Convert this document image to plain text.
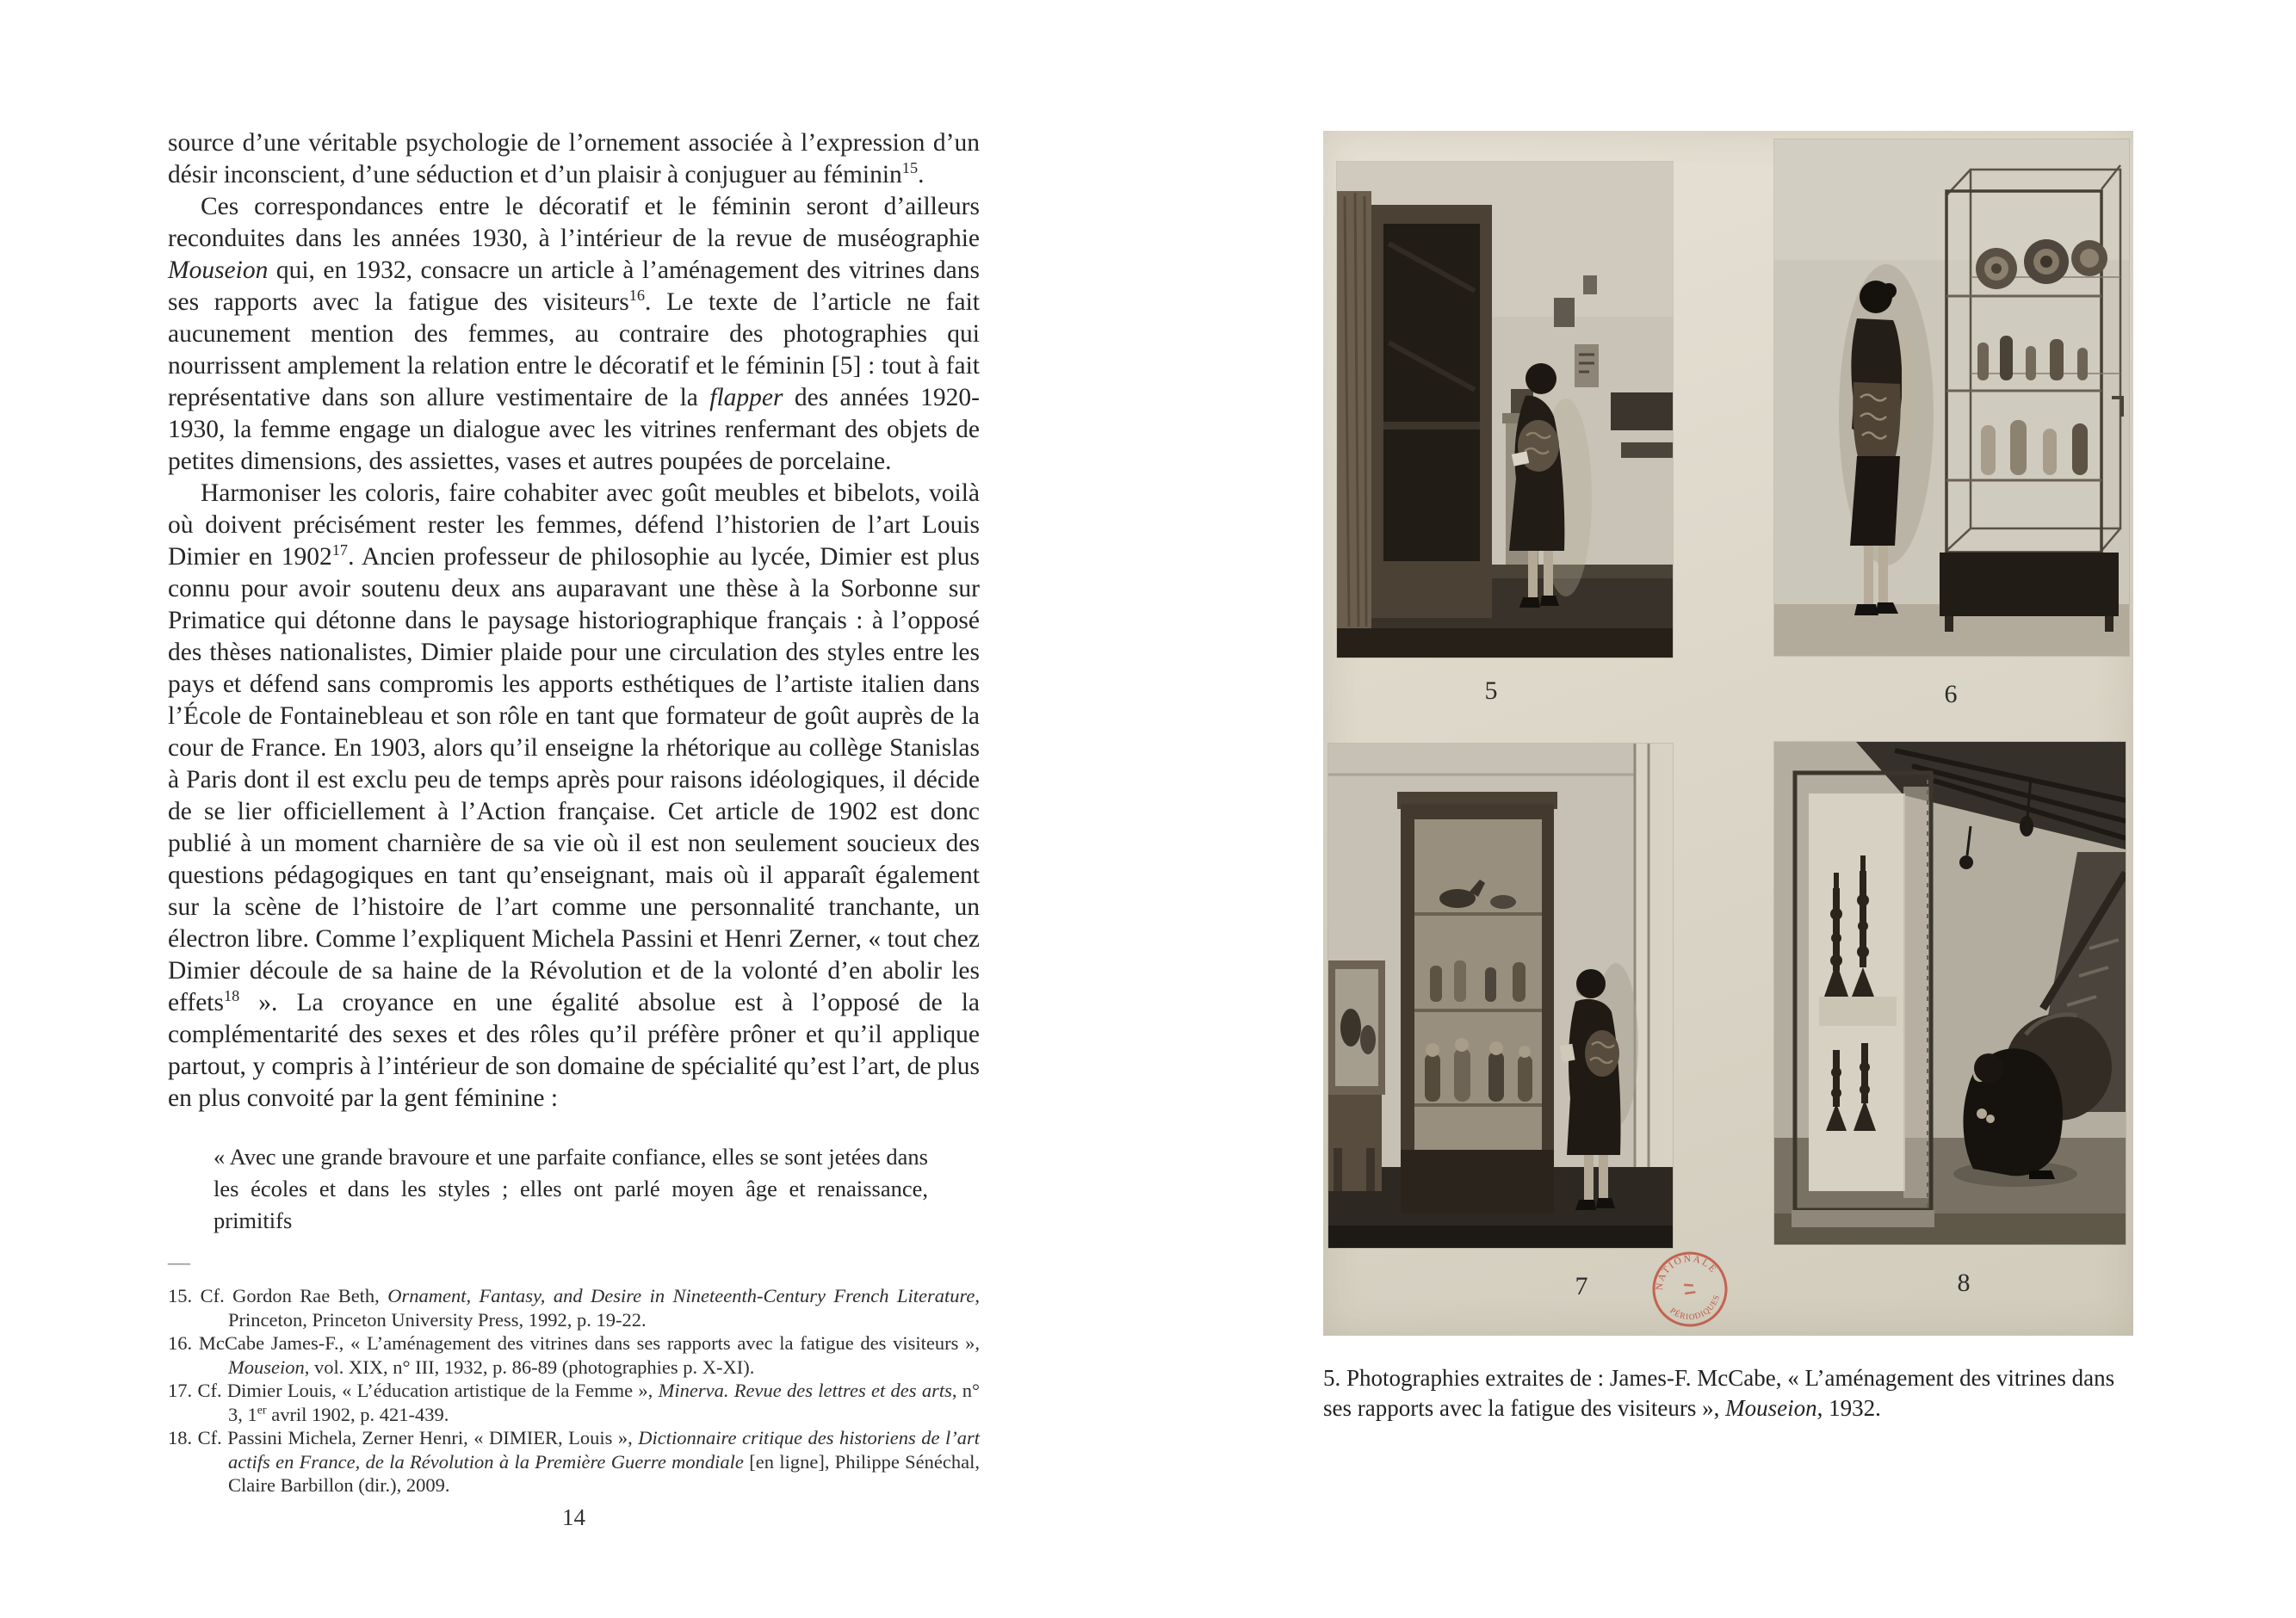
source d’une véritable psychologie de l’ornement associée à l’expression d’un désir inconscient, d’une séduction et d’un plaisir à conjuguer au féminin$^{15}$.

Ces correspondances entre le décoratif et le féminin seront d’ailleurs reconduites dans les années 1930, à l’intérieur de la revue de muséographie Mouseion qui, en 1932, consacre un article à l’aménagement des vitrines dans ses rapports avec la fatigue des visiteurs$^{16}$. Le texte de l’article ne fait aucunement mention des femmes, au contraire des photographies qui nourrissent amplement la relation entre le décoratif et le féminin [5] : tout à fait représentative dans son allure vestimentaire de la flapper des années 1920-1930, la femme engage un dialogue avec les vitrines renfermant des objets de petites dimensions, des assiettes, vases et autres poupées de porcelaine.

Harmoniser les coloris, faire cohabiter avec goût meubles et bibelots, voilà où doivent précisément rester les femmes, défend l’historien de l’art Louis Dimier en 1902$^{17}$. Ancien professeur de philosophie au lycée, Dimier est plus connu pour avoir soutenu deux ans auparavant une thèse à la Sorbonne sur Primatice qui détonne dans le paysage historiographique français : à l’opposé des thèses nationalistes, Dimier plaide pour une circulation des styles entre les pays et défend sans compromis les apports esthétiques de l’artiste italien dans l’École de Fontainebleau et son rôle en tant que formateur de goût auprès de la cour de France. En 1903, alors qu’il enseigne la rhétorique au collège Stanislas à Paris dont il est exclu peu de temps après pour raisons idéologiques, il décide de se lier officiellement à l’Action française. Cet article de 1902 est donc publié à un moment charnière de sa vie où il est non seulement soucieux des questions pédagogiques en tant qu’enseignant, mais où il apparaît également sur la scène de l’histoire de l’art comme une personnalité tranchante, un électron libre. Comme l’expliquent Michela Passini et Henri Zerner, « tout chez Dimier découle de sa haine de la Révolution et de la volonté d’en abolir les effets$^{18}$ ». La croyance en une égalité absolue est à l’opposé de la complémentarité des sexes et des rôles qu’il préfère prôner et qu’il applique partout, y compris à l’intérieur de son domaine de spécialité qu’est l’art, de plus en plus convoité par la gent féminine :

« Avec une grande bravoure et une parfaite confiance, elles se sont jetées dans les écoles et dans les styles ; elles ont parlé moyen âge et renaissance, primitifs
—

15. Cf. Gordon Rae Beth, Ornament, Fantasy, and Desire in Nineteenth-Century French Literature, Princeton, Princeton University Press, 1992, p. 19-22.

16. McCabe James-F., « L’aménagement des vitrines dans ses rapports avec la fatigue des visiteurs », Mouseion, vol. XIX, n° III, 1932, p. 86-89 (photographies p. X-XI).

17. Cf. Dimier Louis, « L’éducation artistique de la Femme », Minerva. Revue des lettres et des arts, n° 3, 1er avril 1902, p. 421-439.

18. Cf. Passini Michela, Zerner Henri, « DIMIER, Louis », Dictionnaire critique des historiens de l’art actifs en France, de la Révolution à la Première Guerre mondiale [en ligne], Philippe Sénéchal, Claire Barbillon (dir.), 2009.

14
5	6
7	8
NATIONALE
PÉRIODIQUES

5. Photographies extraites de : James-F. McCabe, « L’aménagement des vitrines dans ses rapports avec la fatigue des visiteurs », Mouseion, 1932.
